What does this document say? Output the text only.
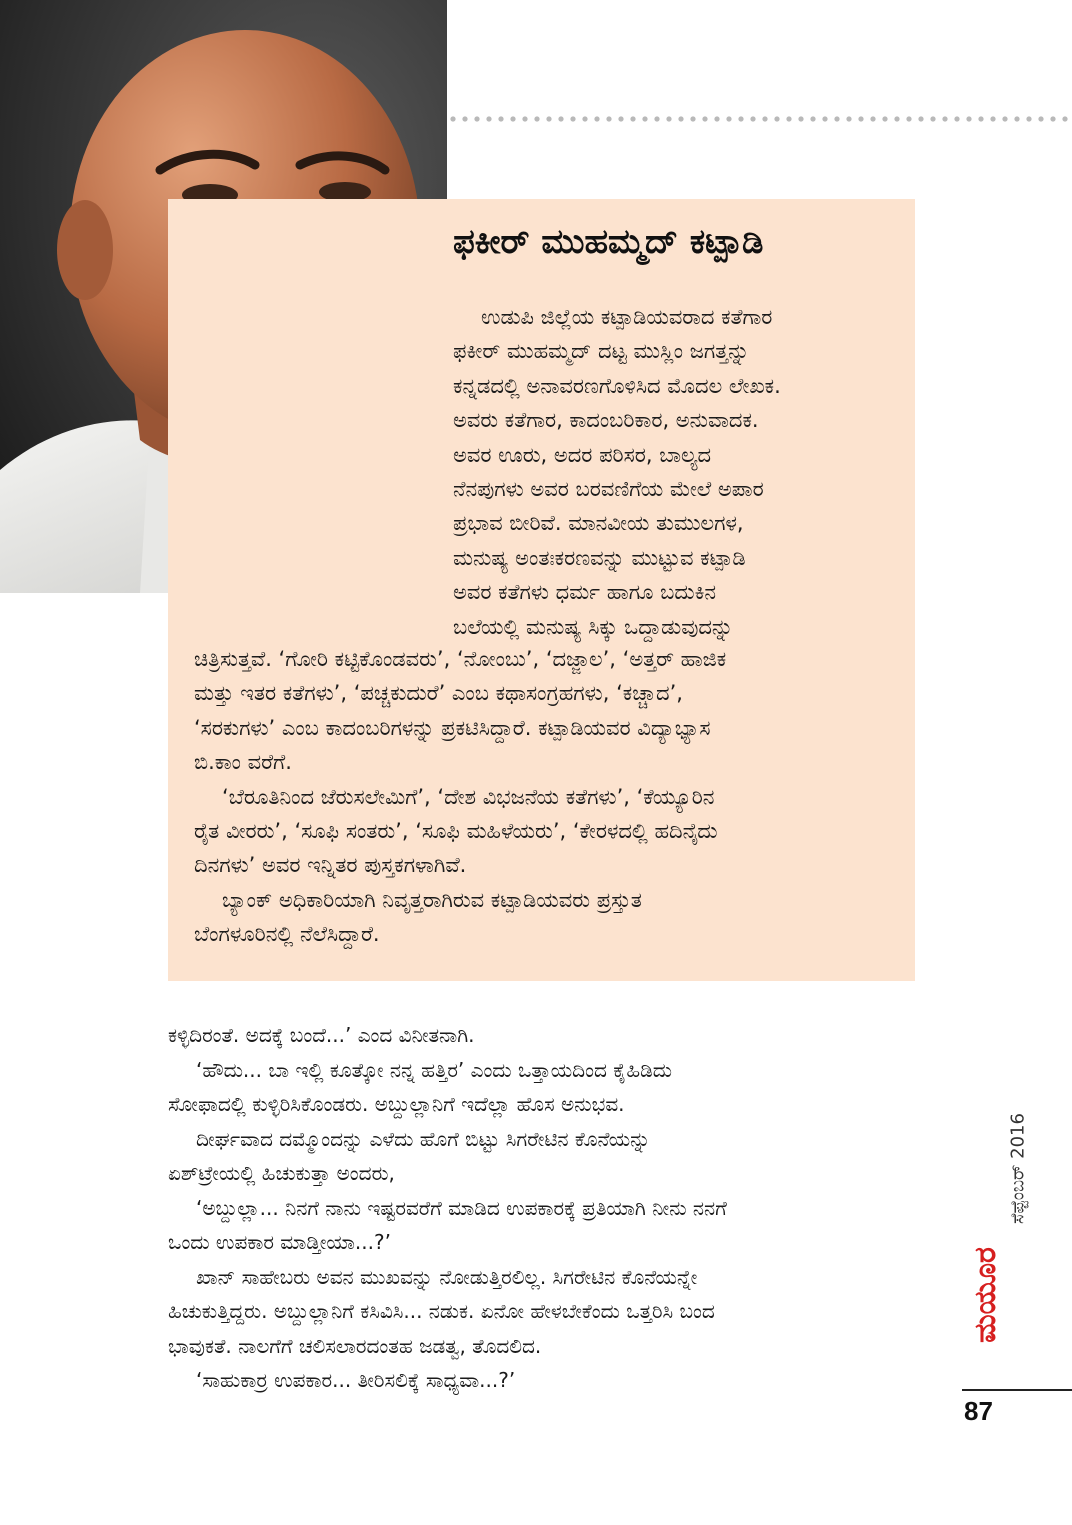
ಫಕೀರ್ ಮುಹಮ್ಮದ್ ಕಟ್ಪಾಡಿ

ಉಡುಪಿ ಜಿಲ್ಲೆಯ ಕಟ್ಪಾಡಿಯವರಾದ ಕತೆಗಾರ

ಫಕೀರ್ ಮುಹಮ್ಮದ್ ದಟ್ಟ ಮುಸ್ಲಿಂ ಜಗತ್ತನ್ನು

ಕನ್ನಡದಲ್ಲಿ ಅನಾವರಣಗೊಳಿಸಿದ ಮೊದಲ ಲೇಖಕ.

ಅವರು ಕತೆಗಾರ, ಕಾದಂಬರಿಕಾರ, ಅನುವಾದಕ.

ಅವರ ಊರು, ಅದರ ಪರಿಸರ, ಬಾಲ್ಯದ

ನೆನಪುಗಳು ಅವರ ಬರವಣಿಗೆಯ ಮೇಲೆ ಅಪಾರ

ಪ್ರಭಾವ ಬೀರಿವೆ. ಮಾನವೀಯ ತುಮುಲಗಳ,

ಮನುಷ್ಯ ಅಂತಃಕರಣವನ್ನು ಮುಟ್ಟುವ ಕಟ್ಪಾಡಿ

ಅವರ ಕತೆಗಳು ಧರ್ಮ ಹಾಗೂ ಬದುಕಿನ

ಬಲೆಯಲ್ಲಿ ಮನುಷ್ಯ ಸಿಕ್ಕು ಒದ್ದಾಡುವುದನ್ನು

ಚಿತ್ರಿಸುತ್ತವೆ. ‘ಗೋರಿ ಕಟ್ಟಿಕೊಂಡವರು’, ‘ನೋಂಬು’, ‘ದಜ್ಜಾಲ’, ‘ಅತ್ತರ್ ಹಾಜಿಕ

ಮತ್ತು ಇತರ ಕತೆಗಳು’, ‘ಪಚ್ಚಕುದುರೆ’ ಎಂಬ ಕಥಾಸಂಗ್ರಹಗಳು, ‘ಕಚ್ಚಾದ’,

‘ಸರಕುಗಳು’ ಎಂಬ ಕಾದಂಬರಿಗಳನ್ನು ಪ್ರಕಟಿಸಿದ್ದಾರೆ. ಕಟ್ಪಾಡಿಯವರ ವಿದ್ಯಾಭ್ಯಾಸ

ಬಿ.ಕಾಂ ವರೆಗೆ.

‘ಬೆರೂತಿನಿಂದ ಜೆರುಸಲೇಮಿಗೆ’, ‘ದೇಶ ವಿಭಜನೆಯ ಕತೆಗಳು’, ‘ಕೆಯ್ಯೂರಿನ

ರೈತ ವೀರರು’, ‘ಸೂಫಿ ಸಂತರು’, ‘ಸೂಫಿ ಮಹಿಳೆಯರು’, ‘ಕೇರಳದಲ್ಲಿ ಹದಿನೈದು

ದಿನಗಳು’ ಅವರ ಇನ್ನಿತರ ಪುಸ್ತಕಗಳಾಗಿವೆ.

ಬ್ಯಾಂಕ್ ಅಧಿಕಾರಿಯಾಗಿ ನಿವೃತ್ತರಾಗಿರುವ ಕಟ್ಪಾಡಿಯವರು ಪ್ರಸ್ತುತ

ಬೆಂಗಳೂರಿನಲ್ಲಿ ನೆಲೆಸಿದ್ದಾರೆ.

ಕಳ್ಳಿದಿರಂತೆ. ಅದಕ್ಕೆ ಬಂದೆ...’ ಎಂದ ವಿನೀತನಾಗಿ.

‘ಹೌದು... ಬಾ ಇಲ್ಲಿ ಕೂತ್ಕೋ ನನ್ನ ಹತ್ತಿರ’ ಎಂದು ಒತ್ತಾಯದಿಂದ ಕೈಹಿಡಿದು

ಸೋಫಾದಲ್ಲಿ ಕುಳ್ಳಿರಿಸಿಕೊಂಡರು. ಅಬ್ದುಲ್ಲಾನಿಗೆ ಇದೆಲ್ಲಾ ಹೊಸ ಅನುಭವ.

ದೀರ್ಘವಾದ ದಮ್ಮೊಂದನ್ನು ಎಳೆದು ಹೊಗೆ ಬಿಟ್ಟು ಸಿಗರೇಟಿನ ಕೊನೆಯನ್ನು

ಏಶ್‌ಟ್ರೇಯಲ್ಲಿ ಹಿಚುಕುತ್ತಾ ಅಂದರು,

‘ಅಬ್ದುಲ್ಲಾ... ನಿನಗೆ ನಾನು ಇಷ್ಟರವರೆಗೆ ಮಾಡಿದ ಉಪಕಾರಕ್ಕೆ ಪ್ರತಿಯಾಗಿ ನೀನು ನನಗೆ

ಒಂದು ಉಪಕಾರ ಮಾಡ್ತೀಯಾ...?’

ಖಾನ್ ಸಾಹೇಬರು ಅವನ ಮುಖವನ್ನು ನೋಡುತ್ತಿರಲಿಲ್ಲ. ಸಿಗರೇಟಿನ ಕೊನೆಯನ್ನೇ

ಹಿಚುಕುತ್ತಿದ್ದರು. ಅಬ್ದುಲ್ಲಾನಿಗೆ ಕಸಿವಿಸಿ... ನಡುಕ. ಏನೋ ಹೇಳಬೇಕೆಂದು ಒತ್ತರಿಸಿ ಬಂದ

ಭಾವುಕತೆ. ನಾಲಗೆಗೆ ಚಲಿಸಲಾರದಂತಹ ಜಡತ್ವ, ತೊದಲಿದ.

‘ಸಾಹುಕಾರ್ರ ಉಪಕಾರ... ತೀರಿಸಲಿಕ್ಕೆ ಸಾಧ್ಯವಾ...?’

ಸೆಪ್ಟೆಂಬರ್ 2016
ಮಯೂರ
87
